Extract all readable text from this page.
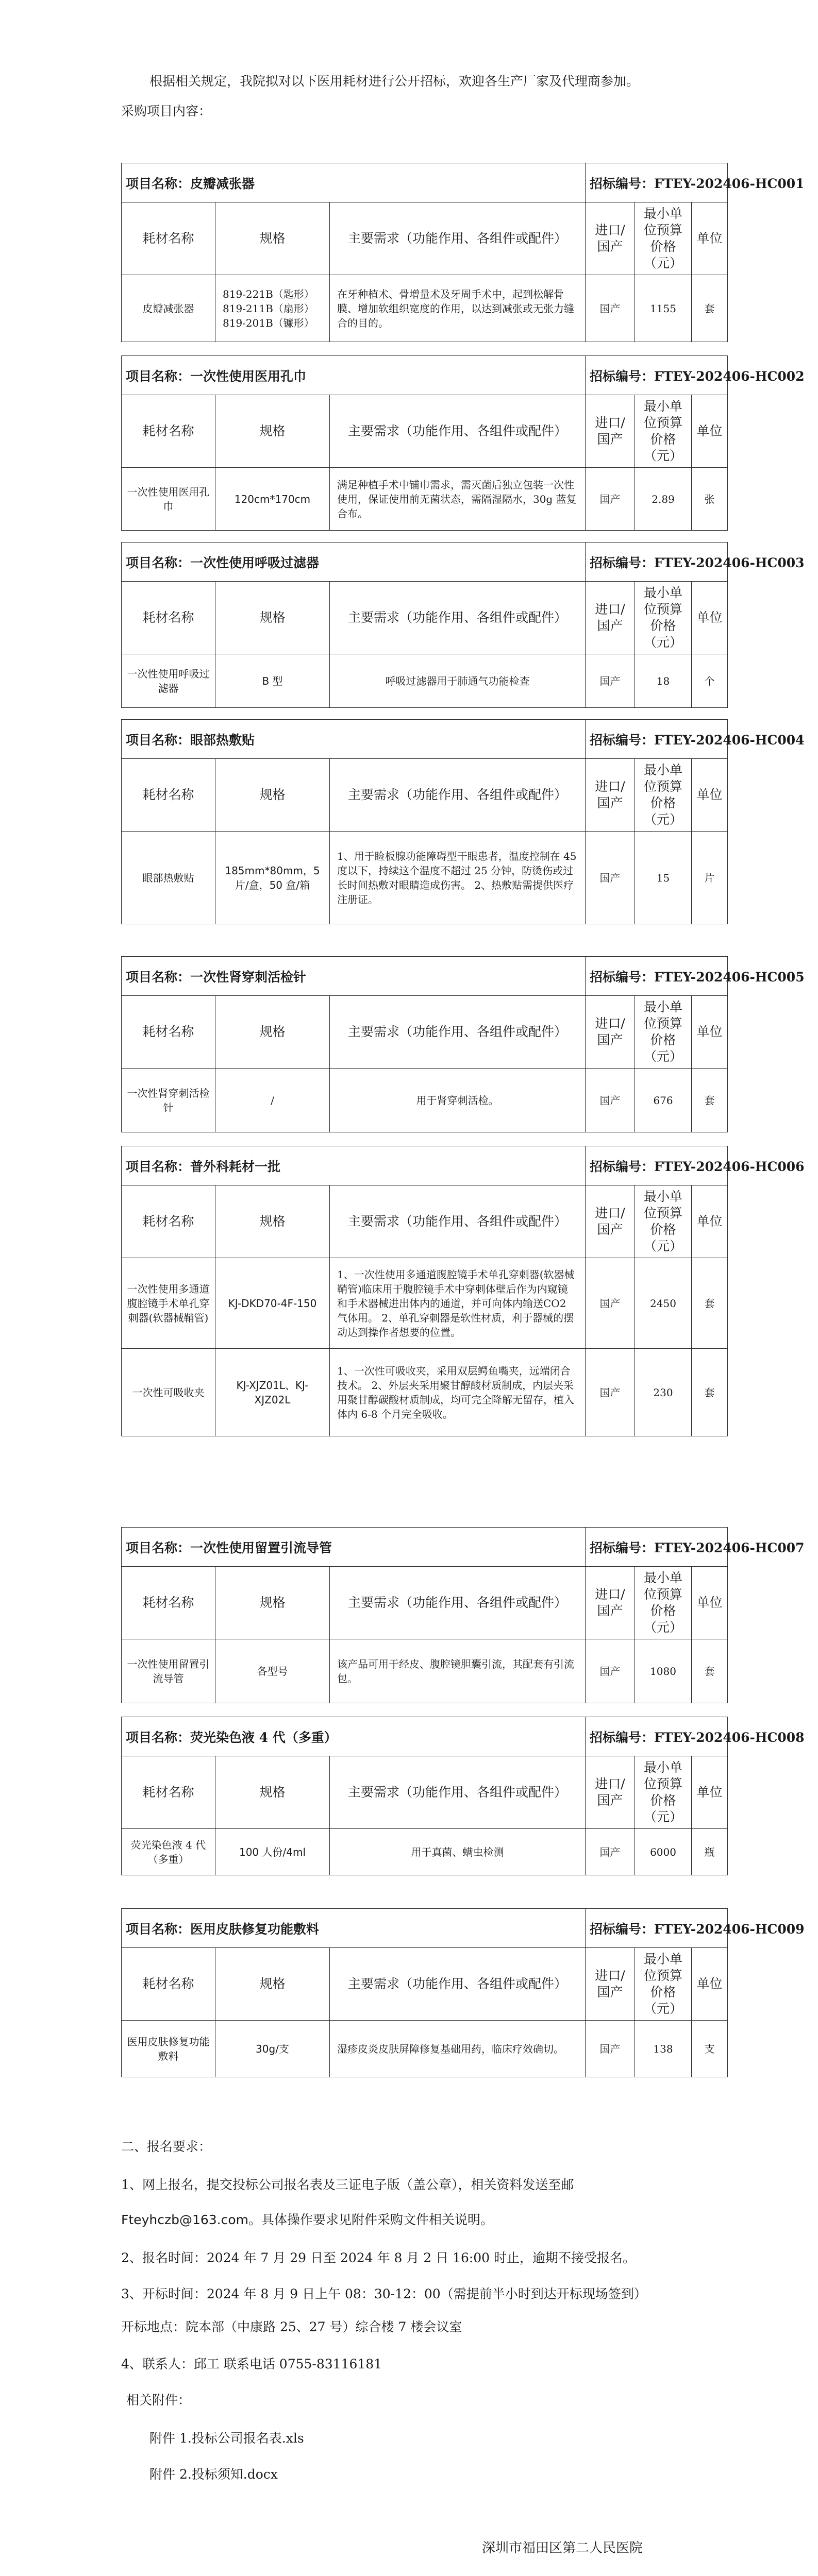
根据相关规定，我院拟对以下医用耗材进行公开招标，欢迎各生产厂家及代理商参加。
采购项目内容：
项目名称：皮瓣减张器			招标编号：FTEY-202406-HC001		
耗材名称	规格	主要需求（功能作用、各组件或配件）	进口/国产	最小单位预算价格（元）	单位
皮瓣减张器	819-221B（匙形）
819-211B（扇形）
819-201B（镰形）	在牙种植术、骨增量术及牙周手术中，起到松解骨膜、增加软组织宽度的作用，以达到减张或无张力缝合的目的。	国产	1155	套
项目名称：一次性使用医用孔巾			招标编号：FTEY-202406-HC002		
耗材名称	规格	主要需求（功能作用、各组件或配件）	进口/国产	最小单位预算价格（元）	单位
一次性使用医用孔巾	120cm*170cm	满足种植手术中铺巾需求，需灭菌后独立包装一次性使用，保证使用前无菌状态，需隔湿隔水，30g 蓝复合布。	国产	2.89	张
项目名称：一次性使用呼吸过滤器			招标编号：FTEY-202406-HC003		
耗材名称	规格	主要需求（功能作用、各组件或配件）	进口/国产	最小单位预算价格（元）	单位
一次性使用呼吸过滤器	B 型	呼吸过滤器用于肺通气功能检查	国产	18	个
项目名称：眼部热敷贴			招标编号：FTEY-202406-HC004		
耗材名称	规格	主要需求（功能作用、各组件或配件）	进口/国产	最小单位预算价格（元）	单位
眼部热敷贴	185mm*80mm，5片/盒，50 盒/箱	1、用于睑板腺功能障碍型干眼患者，温度控制在 45 度以下，持续这个温度不超过 25 分钟，防烫伤或过长时间热敷对眼睛造成伤害。 2、热敷贴需提供医疗注册证。	国产	15	片
项目名称：一次性肾穿刺活检针			招标编号：FTEY-202406-HC005		
耗材名称	规格	主要需求（功能作用、各组件或配件）	进口/国产	最小单位预算价格（元）	单位
一次性肾穿刺活检针	/	用于肾穿刺活检。	国产	676	套
项目名称：普外科耗材一批			招标编号：FTEY-202406-HC006		
耗材名称	规格	主要需求（功能作用、各组件或配件）	进口/国产	最小单位预算价格（元）	单位
一次性使用多通道腹腔镜手术单孔穿刺器(软器械鞘管)	KJ-DKD70-4F-150	1、一次性使用多通道腹腔镜手术单孔穿刺器(软器械鞘管)临床用于腹腔镜手术中穿刺体壁后作为内窥镜和手术器械进出体内的通道，并可向体内输送CO2 气体用。 2、单孔穿刺器是软性材质，利于器械的摆动达到操作者想要的位置。	国产	2450	套
一次性可吸收夹	KJ-XJZ01L、KJ-XJZ02L	1、一次性可吸收夹，采用双层鳄鱼嘴夹，远端闭合技术。 2、外层夹采用聚甘醇酸材质制成，内层夹采用聚甘醇碳酸材质制成，均可完全降解无留存，植入体内 6-8 个月完全吸收。	国产	230	套
项目名称：一次性使用留置引流导管			招标编号：FTEY-202406-HC007		
耗材名称	规格	主要需求（功能作用、各组件或配件）	进口/国产	最小单位预算价格（元）	单位
一次性使用留置引流导管	各型号	该产品可用于经皮、腹腔镜胆囊引流，其配套有引流包。	国产	1080	套
项目名称：荧光染色液 4 代（多重）			招标编号：FTEY-202406-HC008		
耗材名称	规格	主要需求（功能作用、各组件或配件）	进口/国产	最小单位预算价格（元）	单位
荧光染色液 4 代（多重）	100 人份/4ml	用于真菌、螨虫检测	国产	6000	瓶
项目名称：医用皮肤修复功能敷料			招标编号：FTEY-202406-HC009		
耗材名称	规格	主要需求（功能作用、各组件或配件）	进口/国产	最小单位预算价格（元）	单位
医用皮肤修复功能敷料	30g/支	湿疹皮炎皮肤屏障修复基础用药，临床疗效确切。	国产	138	支
二、报名要求：
1、网上报名，提交投标公司报名表及三证电子版（盖公章），相关资料发送至邮
Fteyhczb@163.com。具体操作要求见附件采购文件相关说明。
2、报名时间：2024 年 7 月 29 日至 2024 年 8 月 2 日 16:00 时止，逾期不接受报名。
3、开标时间：2024 年 8 月 9 日上午 08：30-12：00（需提前半小时到达开标现场签到）
开标地点：院本部（中康路 25、27 号）综合楼 7 楼会议室
4、联系人：邱工 联系电话 0755-83116181
相关附件：
附件 1.投标公司报名表.xls
附件 2.投标须知.docx
深圳市福田区第二人民医院
